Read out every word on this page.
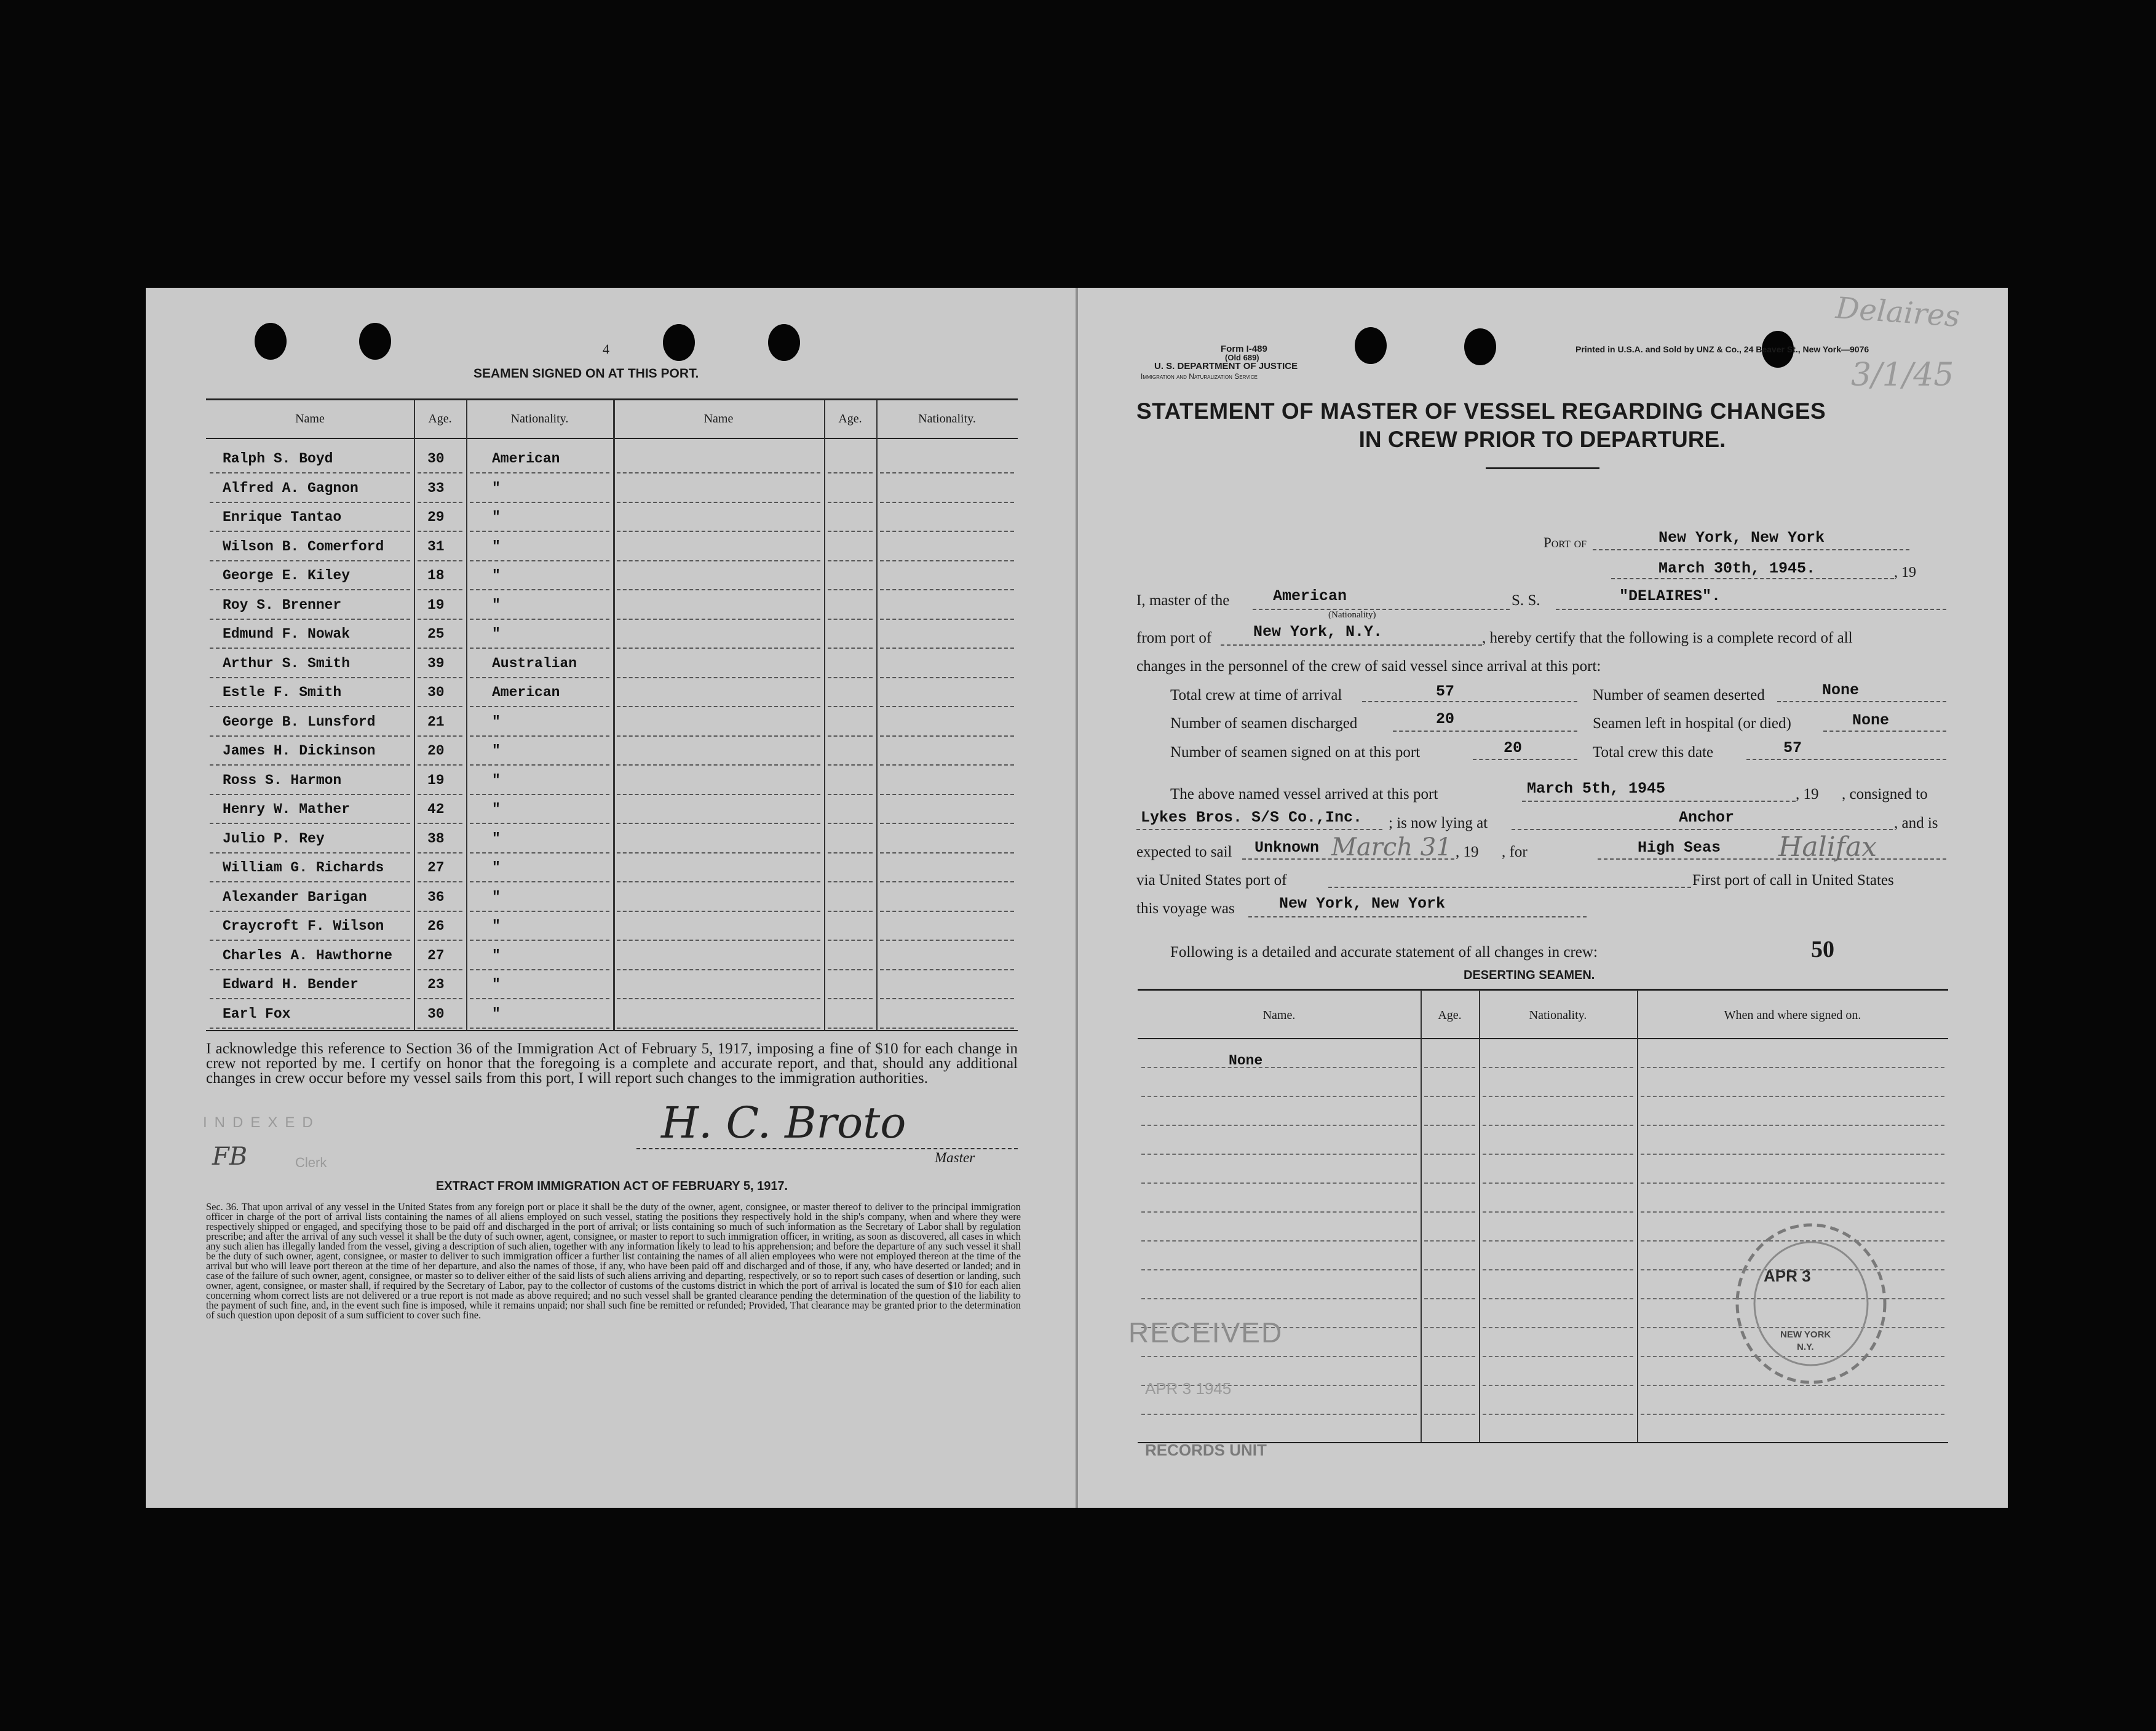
4
SEAMEN SIGNED ON AT THIS PORT.
Name	Age.	Nationality.	Name	Age.	Nationality.
Ralph S. Boyd	30	American
Alfred A. Gagnon	33	"
Enrique Tantao	29	"
Wilson B. Comerford	31	"
George E. Kiley	18	"
Roy S. Brenner	19	"
Edmund F. Nowak	25	"
Arthur S. Smith	39	Australian
Estle F. Smith	30	American
George B. Lunsford	21	"
James H. Dickinson	20	"
Ross S. Harmon	19	"
Henry W. Mather	42	"
Julio P. Rey	38	"
William G. Richards	27	"
Alexander Barigan	36	"
Craycroft F. Wilson	26	"
Charles A. Hawthorne	27	"
Edward H. Bender	23	"
Earl Fox	30	"
I acknowledge this reference to Section 36 of the Immigration Act of February 5, 1917, imposing a fine of $10 for each change in crew not reported by me. I certify on honor that the foregoing is a complete and accurate report, and that, should any additional changes in crew occur before my vessel sails from this port, I will report such changes to the immigration authorities.
INDEXED
FB	Clerk
H. C. Broto
Master
EXTRACT FROM IMMIGRATION ACT OF FEBRUARY 5, 1917.
Sec. 36. That upon arrival of any vessel in the United States from any foreign port or place it shall be the duty of the owner, agent, consignee, or master thereof to deliver to the principal immigration officer in charge of the port of arrival lists containing the names of all aliens employed on such vessel, stating the positions they respectively hold in the ship's company, when and where they were respectively shipped or engaged, and specifying those to be paid off and discharged in the port of arrival; or lists containing so much of such information as the Secretary of Labor shall by regulation prescribe; and after the arrival of any such vessel it shall be the duty of such owner, agent, consignee, or master to report to such immigration officer, in writing, as soon as discovered, all cases in which any such alien has illegally landed from the vessel, giving a description of such alien, together with any information likely to lead to his apprehension; and before the departure of any such vessel it shall be the duty of such owner, agent, consignee, or master to deliver to such immigration officer a further list containing the names of all alien employees who were not employed thereon at the time of the arrival but who will leave port thereon at the time of her departure, and also the names of those, if any, who have been paid off and discharged and of those, if any, who have deserted or landed; and in case of the failure of such owner, agent, consignee, or master so to deliver either of the said lists of such aliens arriving and departing, respectively, or so to report such cases of desertion or landing, such owner, agent, consignee, or master shall, if required by the Secretary of Labor, pay to the collector of customs of the customs district in which the port of arrival is located the sum of $10 for each alien concerning whom correct lists are not delivered or a true report is not made as above required; and no such vessel shall be granted clearance pending the determination of the question of the liability to the payment of such fine, and, in the event such fine is imposed, while it remains unpaid; nor shall such fine be remitted or refunded; Provided, That clearance may be granted prior to the determination of such question upon deposit of a sum sufficient to cover such fine.
Form I-489
(Old 689)
U. S. DEPARTMENT OF JUSTICE
Immigration and Naturalization Service
Printed in U.S.A. and Sold by UNZ & Co., 24 Beaver St., New York—9076
Delaires
3/1/45
STATEMENT OF MASTER OF VESSEL REGARDING CHANGES
IN CREW PRIOR TO DEPARTURE.
Port of	New York, New York
March 30th, 1945.	, 19
I, master of the	American
(Nationality)
S. S.	"DELAIRES".
from port of	New York, N.Y.	, hereby certify that the following is a complete record of all
changes in the personnel of the crew of said vessel since arrival at this port:
Total crew at time of arrival	57	Number of seamen deserted	None
Number of seamen discharged	20	Seamen left in hospital (or died)	None
Number of seamen signed on at this port	20	Total crew this date	57
The above named vessel arrived at this port	March 5th, 1945	, 19      , consigned to
Lykes Bros. S/S Co.,Inc. ; is now lying at	Anchor	, and is
expected to sail Unknown March 31 , 19      , for	High Seas Halifax
via United States port of	First port of call in United States
this voyage was	New York, New York
Following is a detailed and accurate statement of all changes in crew:	50
DESERTING SEAMEN.
Name.	Age.	Nationality.	When and where signed on.
None
RECEIVED
APR 3 1945
RECORDS UNIT
APR 3
NEW YORK
N.Y.
